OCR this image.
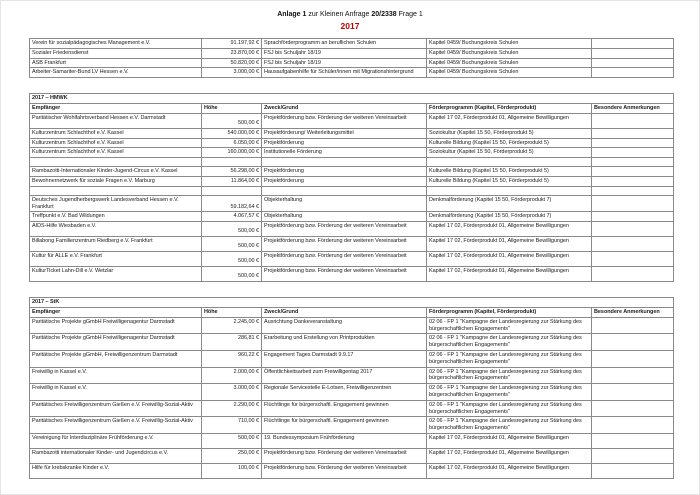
Anlage 1 zur Kleinen Anfrage 20/2338 Frage 1
2017
Verein für sozialpädagogisches Management e.V.	91.197,92 €	Sprachförderprogramm an beruflichen Schulen	Kapitel 0459/ Buchungskreis Schulen	
Sozialer Friedensdienst	23.870,00 €	FSJ bis Schuljahr 18/19	Kapitel 0459/ Buchungskreis Schulen	
ASB Frankfurt	50.820,00 €	FSJ bis Schuljahr 18/19	Kapitel 0459/ Buchungskreis Schulen	
Arbeiter-Samariter-Bund LV Hessen e.V.	3.000,00 €	Hausaufgabenhilfe für Schüler/innen mit Migrationshintergrund	Kapitel 0459/ Buchungskreis Schulen	
2017 – HMWK				
Empfänger	Höhe	Zweck/Grund	Förderprogramm (Kapitel, Förderprodukt)	Besondere Anmerkungen
Paritätischer Wohlfahrtsverband Hessen e.V. Darmstadt	500,00 €	Projektförderung bzw. Förderung der weiteren Vereinsarbeit	Kapitel 17 02, Förderprodukt 01, Allgemeine Bewilligungen	
Kulturzentrum Schlachthof e.V. Kassel	540.000,00 €	Projektförderung/ Weiterleitungsmittel	Soziokultur (Kapitel 15 50, Förderprodukt 5)	
Kulturzentrum Schlachthof e.V. Kassel	6.050,00 €	Projektförderung	Kulturelle Bildung (Kapitel 15 50, Förderprodukt 5)	
Kulturzentrum Schlachthof e.V. Kassel	160.000,00 €	Institutionelle Förderung	Soziokultur (Kapitel 15 50, Förderprodukt 5)	

Rambazotti-Internationaler Kinder-Jugend-Circus e.V. Kassel	56.298,00 €	Projektförderung	Kulturelle Bildung (Kapitel 15 50, Förderprodukt 5)	
Bewohnernetzwerk für soziale Fragen e.V. Marburg	11.864,00 €	Projektförderung	Kulturelle Bildung (Kapitel 15 50, Förderprodukt 5)	

Deutsches Jugendherbergswerk Landesverband Hessen e.V. Frankfurt	59.182,64 €	Objekterhaltung	Denkmalförderung (Kapitel 15 50, Förderprodukt 7)	
Treffpunkt e.V. Bad Wildungen	4.067,57 €	Objekterhaltung	Denkmalförderung (Kapitel 15 50, Förderprodukt 7)	
AIDS-Hilfe Wiesbaden e.V.	500,00 €	Projektförderung bzw. Förderung der weiteren Vereinsarbeit	Kapitel 17 02, Förderprodukt 01, Allgemeine Bewilligungen	
Billabong Familienzentrum Riedberg e.V. Frankfurt	500,00 €	Projektförderung bzw. Förderung der weiteren Vereinsarbeit	Kapitel 17 02, Förderprodukt 01, Allgemeine Bewilligungen	
Kultur für ALLE e.V. Frankfurt	500,00 €	Projektförderung bzw. Förderung der weiteren Vereinsarbeit	Kapitel 17 02, Förderprodukt 01, Allgemeine Bewilligungen	
KulturTicket Lahn-Dill e.V. Wetzlar	500,00 €	Projektförderung bzw. Förderung der weiteren Vereinsarbeit	Kapitel 17 02, Förderprodukt 01, Allgemeine Bewilligungen	
2017 – StK				
Empfänger	Höhe	Zweck/Grund	Förderprogramm (Kapitel, Förderprodukt)	Besondere Anmerkungen
Paritätische Projekte gGmbH Freiwilligenagentur Darmstadt	2.245,00 €	Ausrichtung Dankeveranstaltung	02 06 - FP 1 "Kampagne der Landesregierung zur Stärkung des bürgerschaftlichen Engagements"	
Paritätische Projekte gGmbH Freiwilligenagentur Darmstadt	286,81 €	Erarbeitung und Erstellung von Printprodukten	02 06 - FP 1 "Kampagne der Landesregierung zur Stärkung des bürgerschaftlichen Engagements"	
Paritätische Projekte gGmbH, Freiwilligenzentrum Darmstadt	960,22 €	Engagement Tages Darmstadt 9.9.17	02 06 - FP 1 "Kampagne der Landesregierung zur Stärkung des bürgerschaftlichen Engagements"	
Freiwillig in Kassel e.V.	2.000,00 €	Öffentlichkeitsarbeit zum Freiwilligentag 2017	02 06 - FP 1 "Kampagne der Landesregierung zur Stärkung des bürgerschaftlichen Engagements"	
Freiwillig in Kassel e.V.	3.000,00 €	Regionale Servicestelle E-Lotsen, Freiwilligenzentren	02 06 - FP 1 "Kampagne der Landesregierung zur Stärkung des bürgerschaftlichen Engagements"	
Paritätisches Freiwilligenzentrum Gießen e.V. Freiwillig-Sozial-Aktiv	2.290,00 €	Flüchtlinge für bürgerschaftl. Engagement gewinnen	02 06 - FP 1 "Kampagne der Landesregierung zur Stärkung des bürgerschaftlichen Engagements"	
Paritätisches Freiwilligenzentrum Gießen e.V. Freiwillig-Sozial-Aktiv	710,00 €	Flüchtlinge für bürgerschaftl. Engagement gewinnen	02 06 - FP 1 "Kampagne der Landesregierung zur Stärkung des bürgerschaftlichen Engagements"	
Vereinigung für Interdisziplinäre Frühförderung e.V.	500,00 €	19. Bundessymposium Frühförderung	Kapitel 17 02, Förderprodukt 01, Allgemeine Bewilligungen	
Rambazotti internationaler Kinder- und Jugendcircus e.V.	250,00 €	Projektförderung bzw. Förderung der weiteren Vereinsarbeit	Kapitel 17 02, Förderprodukt 01, Allgemeine Bewilligungen	
Hilfe für krebskranke Kinder e.V.	100,00 €	Projektförderung bzw. Förderung der weiteren Vereinsarbeit	Kapitel 17 02, Förderprodukt 01, Allgemeine Bewilligungen	
